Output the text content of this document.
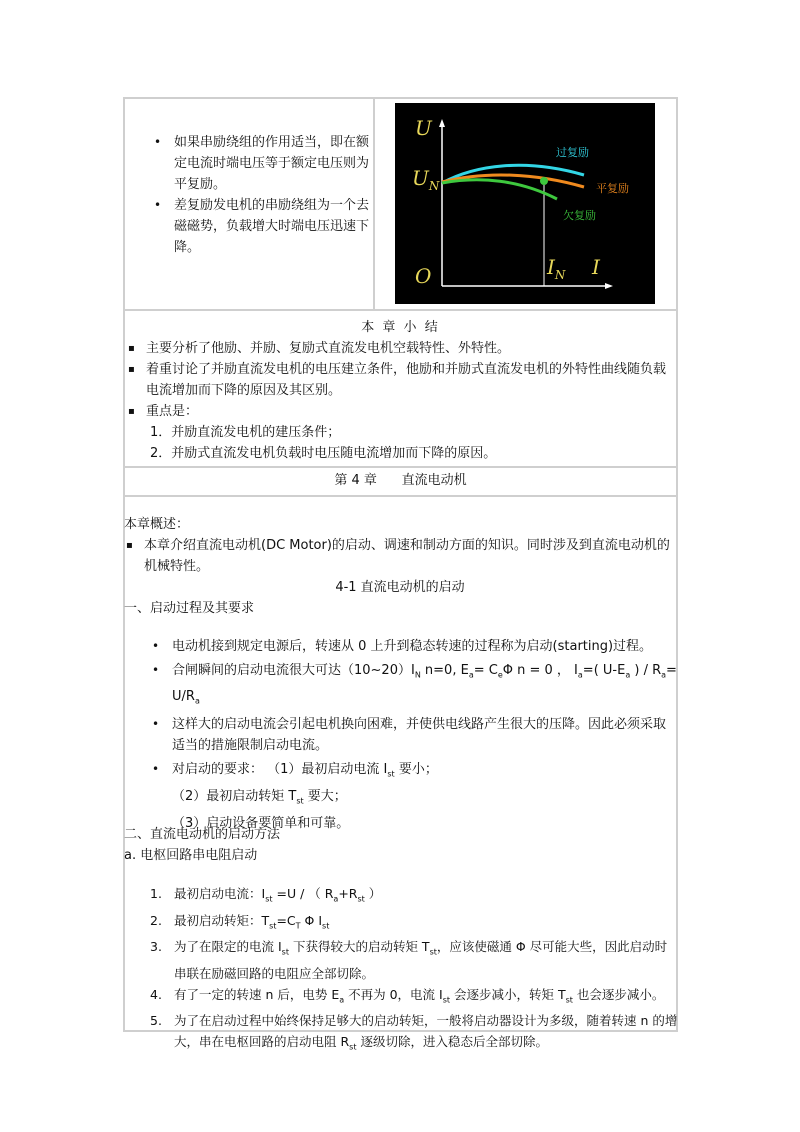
• 如果串励绕组的作用适当，即在额定电流时端电压等于额定电压则为平复励。
• 差复励发电机的串励绕组为一个去磁磁势，负载增大时端电压迅速下降。
U
$U_N$
O	$I_N$ I
过复励
平复励
欠复励
本 章 小 结
▪ 主要分析了他励、并励、复励式直流发电机空载特性、外特性。
▪ 着重讨论了并励直流发电机的电压建立条件，他励和并励式直流发电机的外特性曲线随负载电流增加而下降的原因及其区别。
▪ 重点是：
1．并励直流发电机的建压条件；
2．并励式直流发电机负载时电压随电流增加而下降的原因。
第 4 章      直流电动机
本章概述：
▪ 本章介绍直流电动机(DC Motor)的启动、调速和制动方面的知识。同时涉及到直流电动机的机械特性。
4-1 直流电动机的启动
一、启动过程及其要求
• 电动机接到规定电源后，转速从 0 上升到稳态转速的过程称为启动(starting)过程。
• 合闸瞬间的启动电流很大可达$(10\sim 20)I_N$ n=0, $E_a= C_e\Phi$ n = 0 ， $I_a=$( $U-E_a$ ) / $R_a=$
$U/R_a$
• 这样大的启动电流会引起电机换向困难，并使供电线路产生很大的压降。因此必须采取适当的措施限制启动电流。
• 对启动的要求： （1）最初启动电流 $I_{st}$ 要小；
（2）最初启动转矩 $T_{st}$ 要大；
（3）启动设备要简单和可靠。
二、直流电动机的启动方法
a. 电枢回路串电阻启动
1. 最初启动电流：$I_{st} =U$ / （ $R_a+R_{st}$ ）
2. 最初启动转矩：$T_{st}=C_T$ Φ $I_{st}$
3. 为了在限定的电流 $I_{st}$ 下获得较大的启动转矩 $T_{st}$，应该使磁通 Φ 尽可能大些，因此启动时串联在励磁回路的电阻应全部切除。
4. 有了一定的转速 n 后，电势 $E_a$ 不再为 0，电流 $I_{st}$ 会逐步减小，转矩 $T_{st}$ 也会逐步减小。
5. 为了在启动过程中始终保持足够大的启动转矩，一般将启动器设计为多级，随着转速 n 的增大，串在电枢回路的启动电阻 $R_{st}$ 逐级切除，进入稳态后全部切除。
